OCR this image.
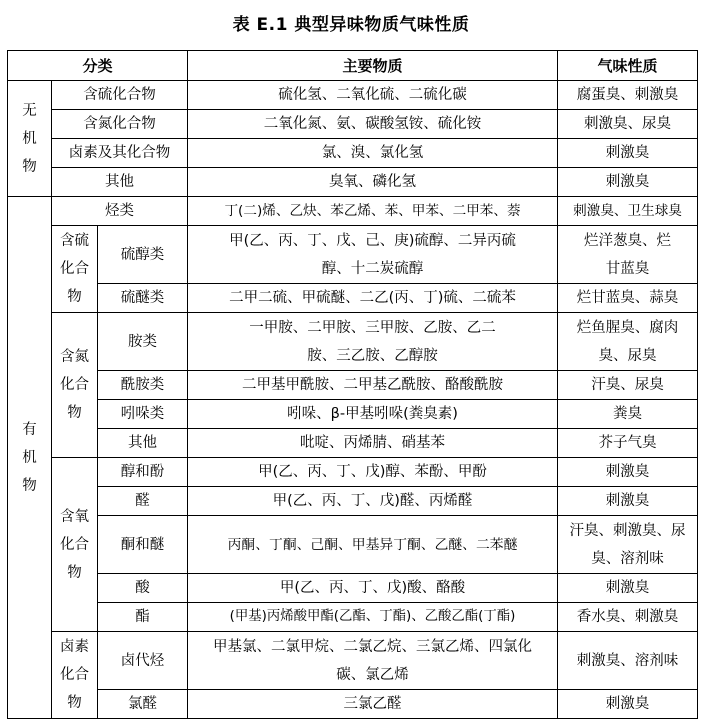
表 E.1 典型异味物质气味性质
分类			主要物质	气味性质
无机物	含硫化合物		硫化氢、二氧化硫、二硫化碳	腐蛋臭、刺激臭
	含氮化合物		二氧化氮、氨、碳酸氢铵、硫化铵	刺激臭、尿臭
	卤素及其化合物		氯、溴、氯化氢	刺激臭
	其他		臭氧、磷化氢	刺激臭
有机物	烃类		丁(二)烯、乙炔、苯乙烯、苯、甲苯、二甲苯、萘	刺激臭、卫生球臭
	含硫化合物	硫醇类	甲(乙、丙、丁、戊、己、庚)硫醇、二异丙硫醇、十二炭硫醇	烂洋葱臭、烂甘蓝臭
		硫醚类	二甲二硫、甲硫醚、二乙(丙、丁)硫、二硫苯	烂甘蓝臭、蒜臭
	含氮化合物	胺类	一甲胺、二甲胺、三甲胺、乙胺、乙二胺、三乙胺、乙醇胺	烂鱼腥臭、腐肉臭、尿臭
		酰胺类	二甲基甲酰胺、二甲基乙酰胺、酪酸酰胺	汗臭、尿臭
		吲哚类	吲哚、β-甲基吲哚(粪臭素)	粪臭
		其他	吡啶、丙烯腈、硝基苯	芥子气臭
	含氧化合物	醇和酚	甲(乙、丙、丁、戊)醇、苯酚、甲酚	刺激臭
		醛	甲(乙、丙、丁、戊)醛、丙烯醛	刺激臭
		酮和醚	丙酮、丁酮、己酮、甲基异丁酮、乙醚、二苯醚	汗臭、刺激臭、尿臭、溶剂味
		酸	甲(乙、丙、丁、戊)酸、酪酸	刺激臭
		酯	(甲基)丙烯酸甲酯(乙酯、丁酯)、乙酸乙酯(丁酯)	香水臭、刺激臭
	卤素化合物	卤代烃	甲基氯、二氯甲烷、二氯乙烷、三氯乙烯、四氯化碳、氯乙烯	刺激臭、溶剂味
		氯醛	三氯乙醛	刺激臭
